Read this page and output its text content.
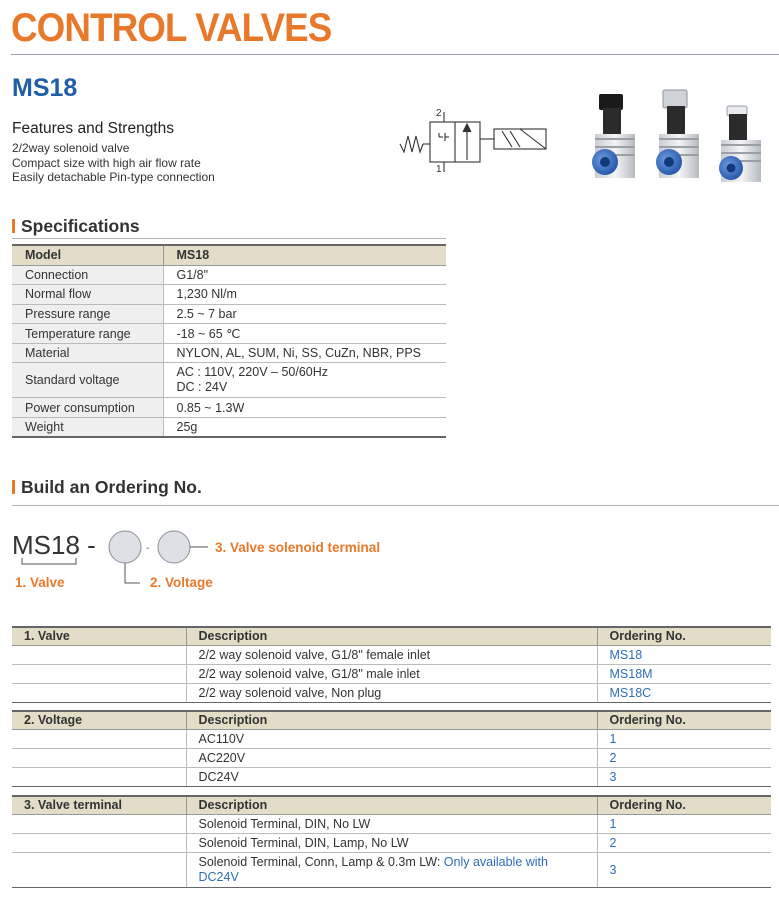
CONTROL VALVES
MS18
Features and Strengths
2/2way solenoid valve
Compact size with high air flow rate
Easily detachable Pin-type connection
2
1
Specifications
Model	MS18
Connection	G1/8"
Normal flow	1,230 Nl/m
Pressure range	2.5 ~ 7 bar
Temperature range	-18 ~ 65 ℃
Material	NYLON, AL, SUM, Ni, SS, CuZn, NBR, PPS
Standard voltage	AC : 110V, 220V – 50/60Hz
DC : 24V

Power consumption	0.85 ~ 1.3W
Weight	25g
Build an Ordering No.
MS18 -	-
1. Valve	2. Voltage
3. Valve solenoid terminal
1. Valve	Description	Ordering No.
	2/2 way solenoid valve, G1/8" female inlet	MS18
	2/2 way solenoid valve, G1/8" male inlet	MS18M
	2/2 way solenoid valve, Non plug	MS18C
2. Voltage	Description	Ordering No.
	AC110V	1
	AC220V	2
	DC24V	3
3. Valve terminal	Description	Ordering No.
	Solenoid Terminal, DIN, No LW	1
	Solenoid Terminal, DIN, Lamp, No LW	2
	Solenoid Terminal, Conn, Lamp & 0.3m LW: Only available with DC24V	3
